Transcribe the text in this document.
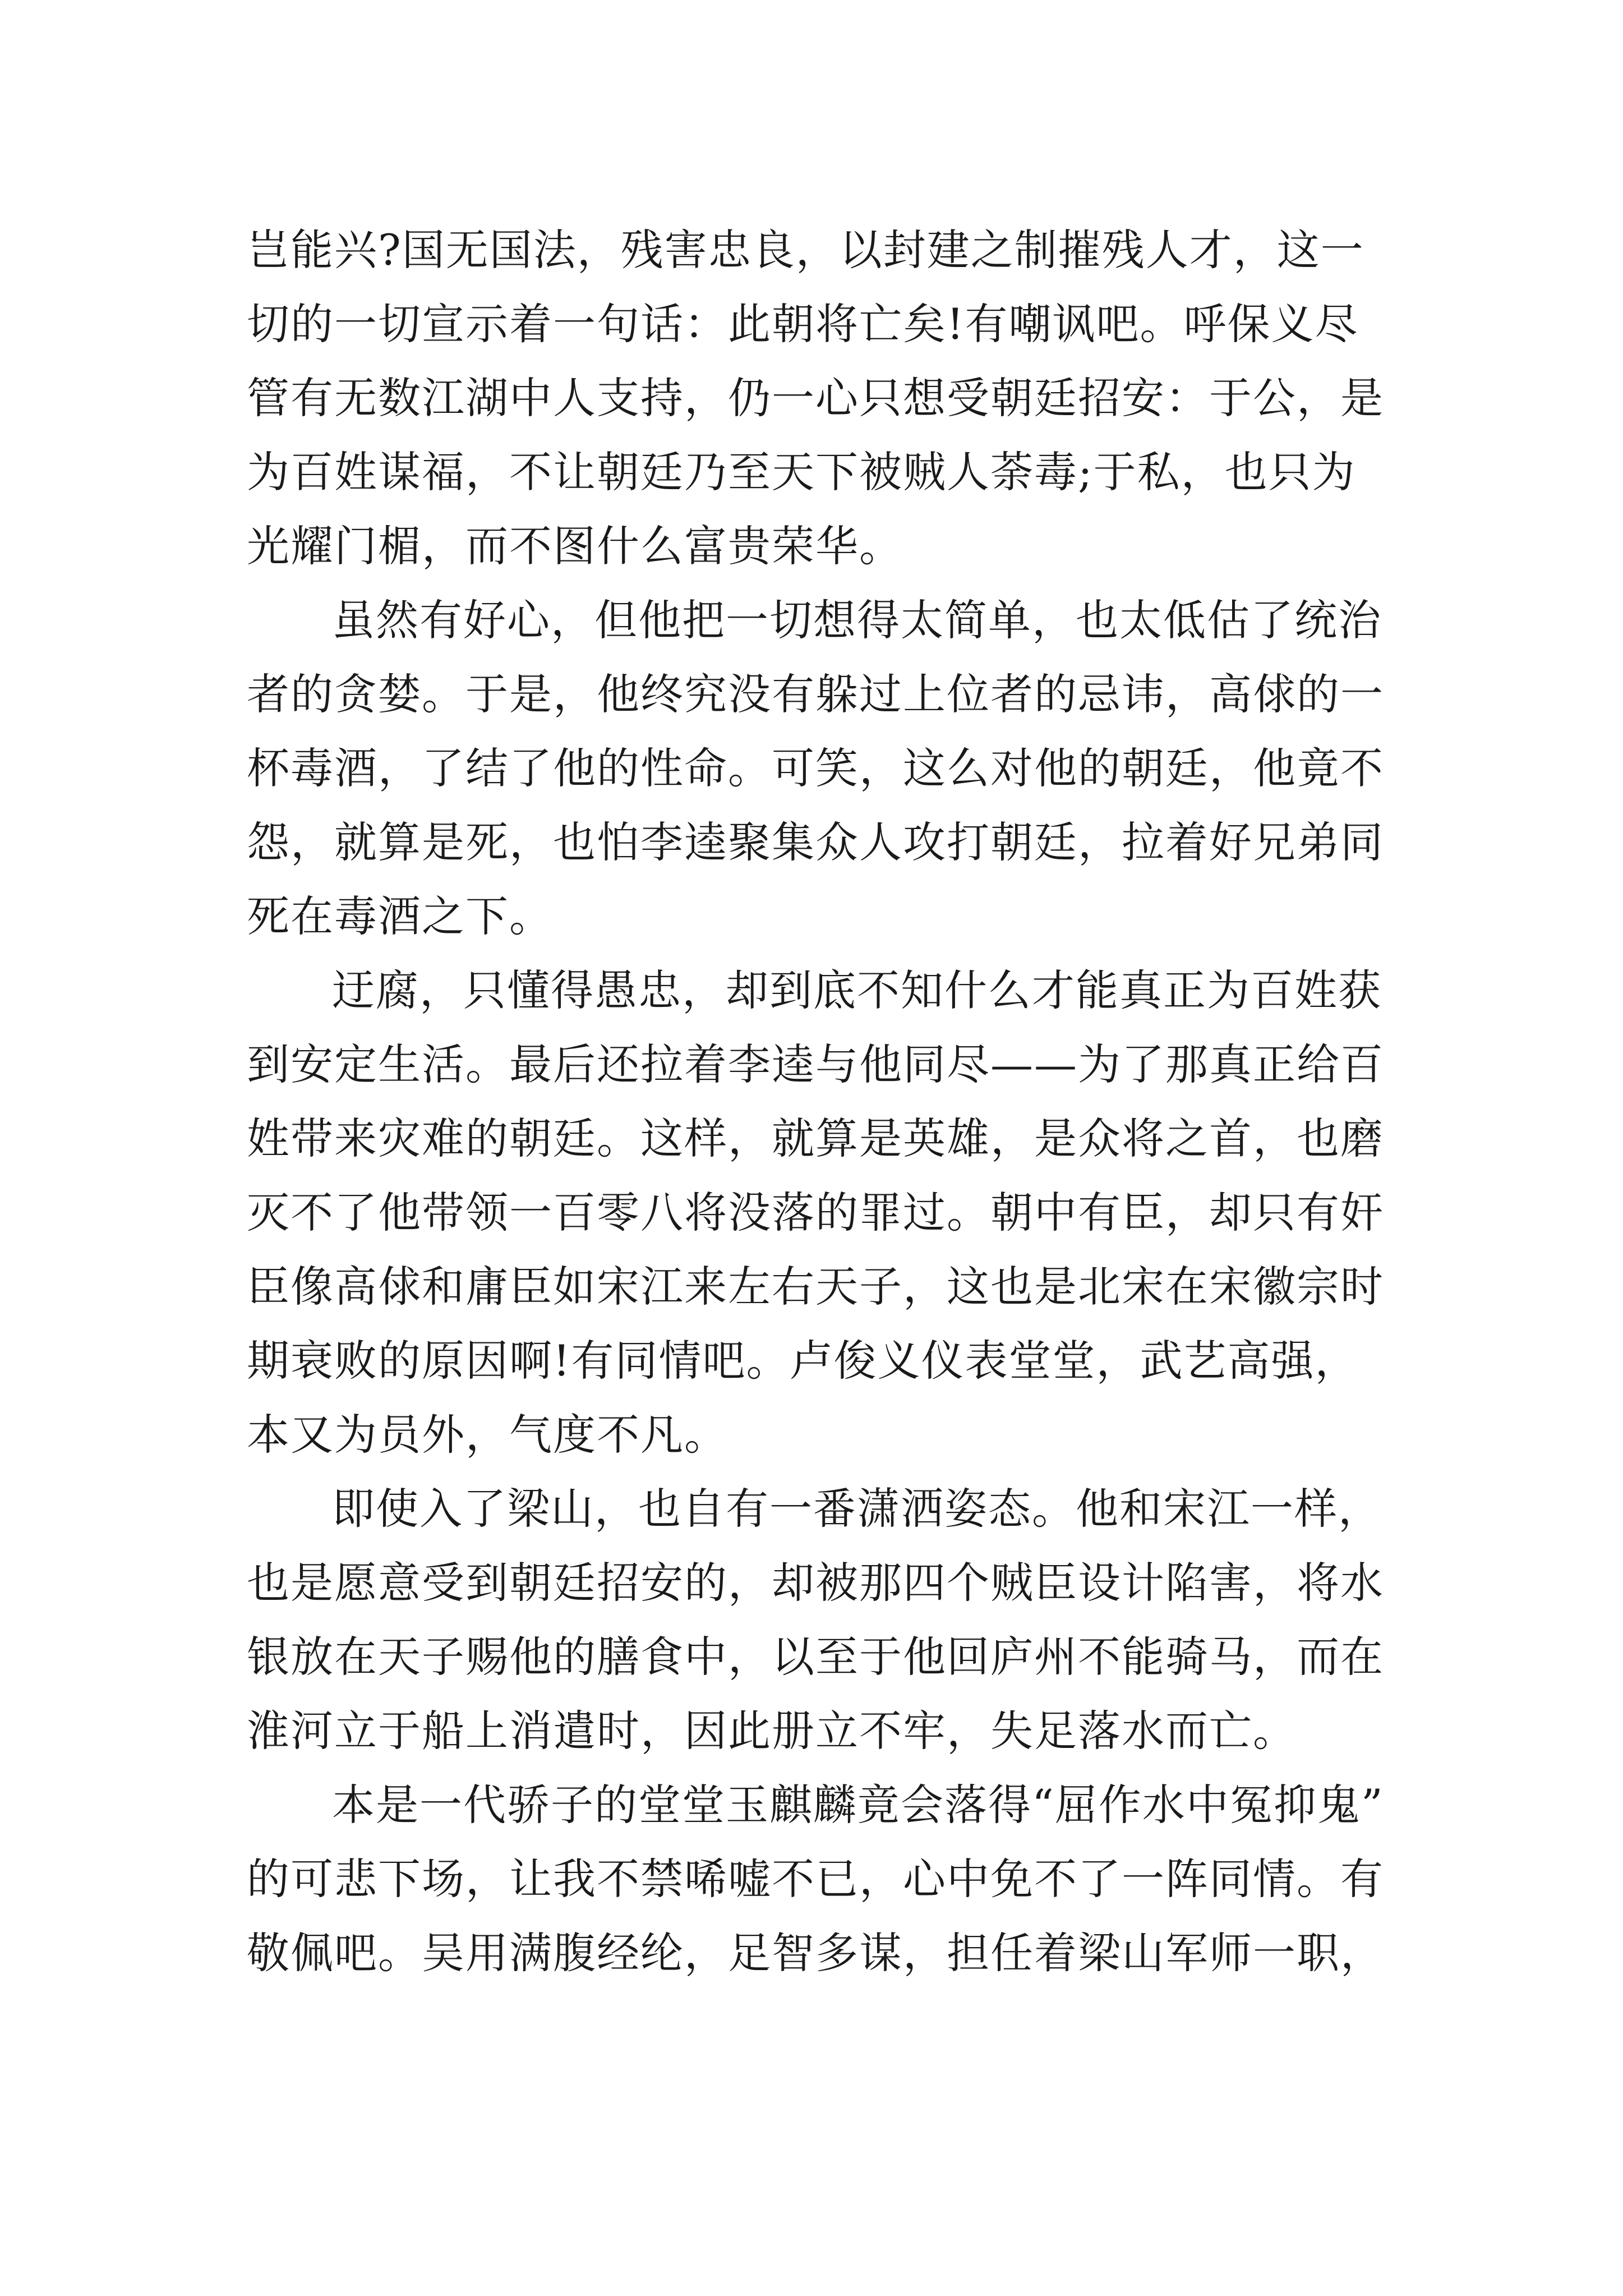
岂能兴?国无国法，残害忠良，以封建之制摧残人才，这一
切的一切宣示着一句话：此朝将亡矣!有嘲讽吧。呼保义尽
管有无数江湖中人支持，仍一心只想受朝廷招安：于公，是
为百姓谋福，不让朝廷乃至天下被贼人荼毒;于私，也只为
光耀门楣，而不图什么富贵荣华。
虽然有好心，但他把一切想得太简单，也太低估了统治
者的贪婪。于是，他终究没有躲过上位者的忌讳，高俅的一
杯毒酒，了结了他的性命。可笑，这么对他的朝廷，他竟不
怨，就算是死，也怕李逵聚集众人攻打朝廷，拉着好兄弟同
死在毒酒之下。
迂腐，只懂得愚忠，却到底不知什么才能真正为百姓获
到安定生活。最后还拉着李逵与他同尽——为了那真正给百
姓带来灾难的朝廷。这样，就算是英雄，是众将之首，也磨
灭不了他带领一百零八将没落的罪过。朝中有臣，却只有奸
臣像高俅和庸臣如宋江来左右天子，这也是北宋在宋徽宗时
期衰败的原因啊!有同情吧。卢俊义仪表堂堂，武艺高强，
本又为员外，气度不凡。
即使入了梁山，也自有一番潇洒姿态。他和宋江一样，
也是愿意受到朝廷招安的，却被那四个贼臣设计陷害，将水
银放在天子赐他的膳食中，以至于他回庐州不能骑马，而在
淮河立于船上消遣时，因此册立不牢，失足落水而亡。
本是一代骄子的堂堂玉麒麟竟会落得“屈作水中冤抑鬼”
的可悲下场，让我不禁唏嘘不已，心中免不了一阵同情。有
敬佩吧。吴用满腹经纶，足智多谋，担任着梁山军师一职，
